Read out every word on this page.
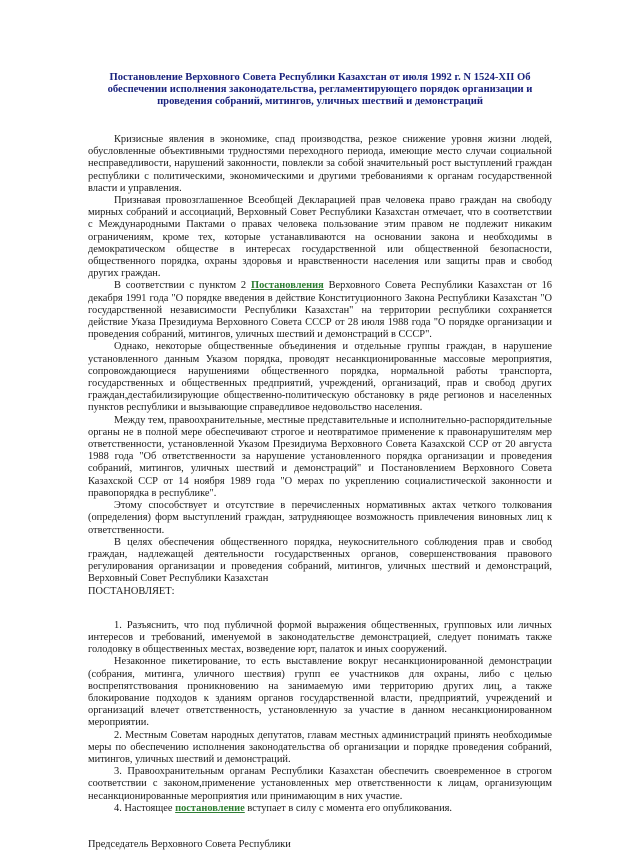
Постановление Верховного Совета Республики Казахстан от июля 1992 г. N 1524-XII Об обеспечении исполнения законодательства, регламентирующего порядок организации и проведения собраний, митингов, уличных шествий и демонстраций

Кризисные явления в экономике, спад производства, резкое снижение уровня жизни людей, обусловленные объективными трудностями переходного периода, имеющие место случаи социальной несправедливости, нарушений законности, повлекли за собой значительный рост выступлений граждан республики с политическими, экономическими и другими требованиями к органам государственной власти и управления.

Признавая провозглашенное Всеобщей Декларацией прав человека право граждан на свободу мирных собраний и ассоциаций, Верховный Совет Республики Казахстан отмечает, что в соответствии с Международными Пактами о правах человека пользование этим правом не подлежит никаким ограничениям, кроме тех, которые устанавливаются на основании закона и необходимы в демократическом обществе в интересах государственной или общественной безопасности, общественного порядка, охраны здоровья и нравственности населения или защиты прав и свобод других граждан.

В соответствии с пунктом 2 Постановления Верховного Совета Республики Казахстан от 16 декабря 1991 года "О порядке введения в действие Конституционного Закона Республики Казахстан "О государственной независимости Республики Казахстан" на территории республики сохраняется действие Указа Президиума Верховного Совета СССР от 28 июля 1988 года "О порядке организации и проведения собраний, митингов, уличных шествий и демонстраций в СССР".

Однако, некоторые общественные объединения и отдельные группы граждан, в нарушение установленного данным Указом порядка, проводят несанкционированные массовые мероприятия, сопровождающиеся нарушениями общественного порядка, нормальной работы транспорта, государственных и общественных предприятий, учреждений, организаций, прав и свобод других граждан,дестабилизирующие общественно-политическую обстановку в ряде регионов и населенных пунктов республики и вызывающие справедливое недовольство населения.

Между тем, правоохранительные, местные представительные и исполнительно-распорядительные органы не в полной мере обеспечивают строгое и неотвратимое применение к правонарушителям мер ответственности, установленной Указом Президиума Верховного Совета Казахской ССР от 20 августа 1988 года "Об ответственности за нарушение установленного порядка организации и проведения собраний, митингов, уличных шествий и демонстраций" и Постановлением Верховного Совета Казахской ССР от 14 ноября 1989 года "О мерах по укреплению социалистической законности и правопорядка в республике".

Этому способствует и отсутствие в перечисленных нормативных актах четкого толкования (определения) форм выступлений граждан, затрудняющее возможность привлечения виновных лиц к ответственности.

В целях обеспечения общественного порядка, неукоснительного соблюдения прав и свобод граждан, надлежащей деятельности государственных органов, совершенствования правового регулирования организации и проведения собраний, митингов, уличных шествий и демонстраций, Верховный Совет Республики Казахстан

ПОСТАНОВЛЯЕТ:

1. Разъяснить, что под публичной формой выражения общественных, групповых или личных интересов и требований, именуемой в законодательстве демонстрацией, следует понимать также голодовку в общественных местах, возведение юрт, палаток и иных сооружений.

Незаконное пикетирование, то есть выставление вокруг несанкционированной демонстрации (собрания, митинга, уличного шествия) групп ее участников для охраны, либо с целью воспрепятствования проникновению на занимаемую ими территорию других лиц, а также блокирование подходов к зданиям органов государственной власти, предприятий, учреждений и организаций влечет ответственность, установленную за участие в данном несанкционированном мероприятии.

2. Местным Советам народных депутатов, главам местных администраций принять необходимые меры по обеспечению исполнения законодательства об организации и порядке проведения собраний, митингов, уличных шествий и демонстраций.

3. Правоохранительным органам Республики Казахстан обеспечить своевременное в строгом соответствии с законом,применение установленных мер ответственности к лицам, организующим несанкционированные мероприятия или принимающим в них участие.

4. Настоящее постановление вступает в силу с момента его опубликования.

Председатель Верховного Совета Республики
